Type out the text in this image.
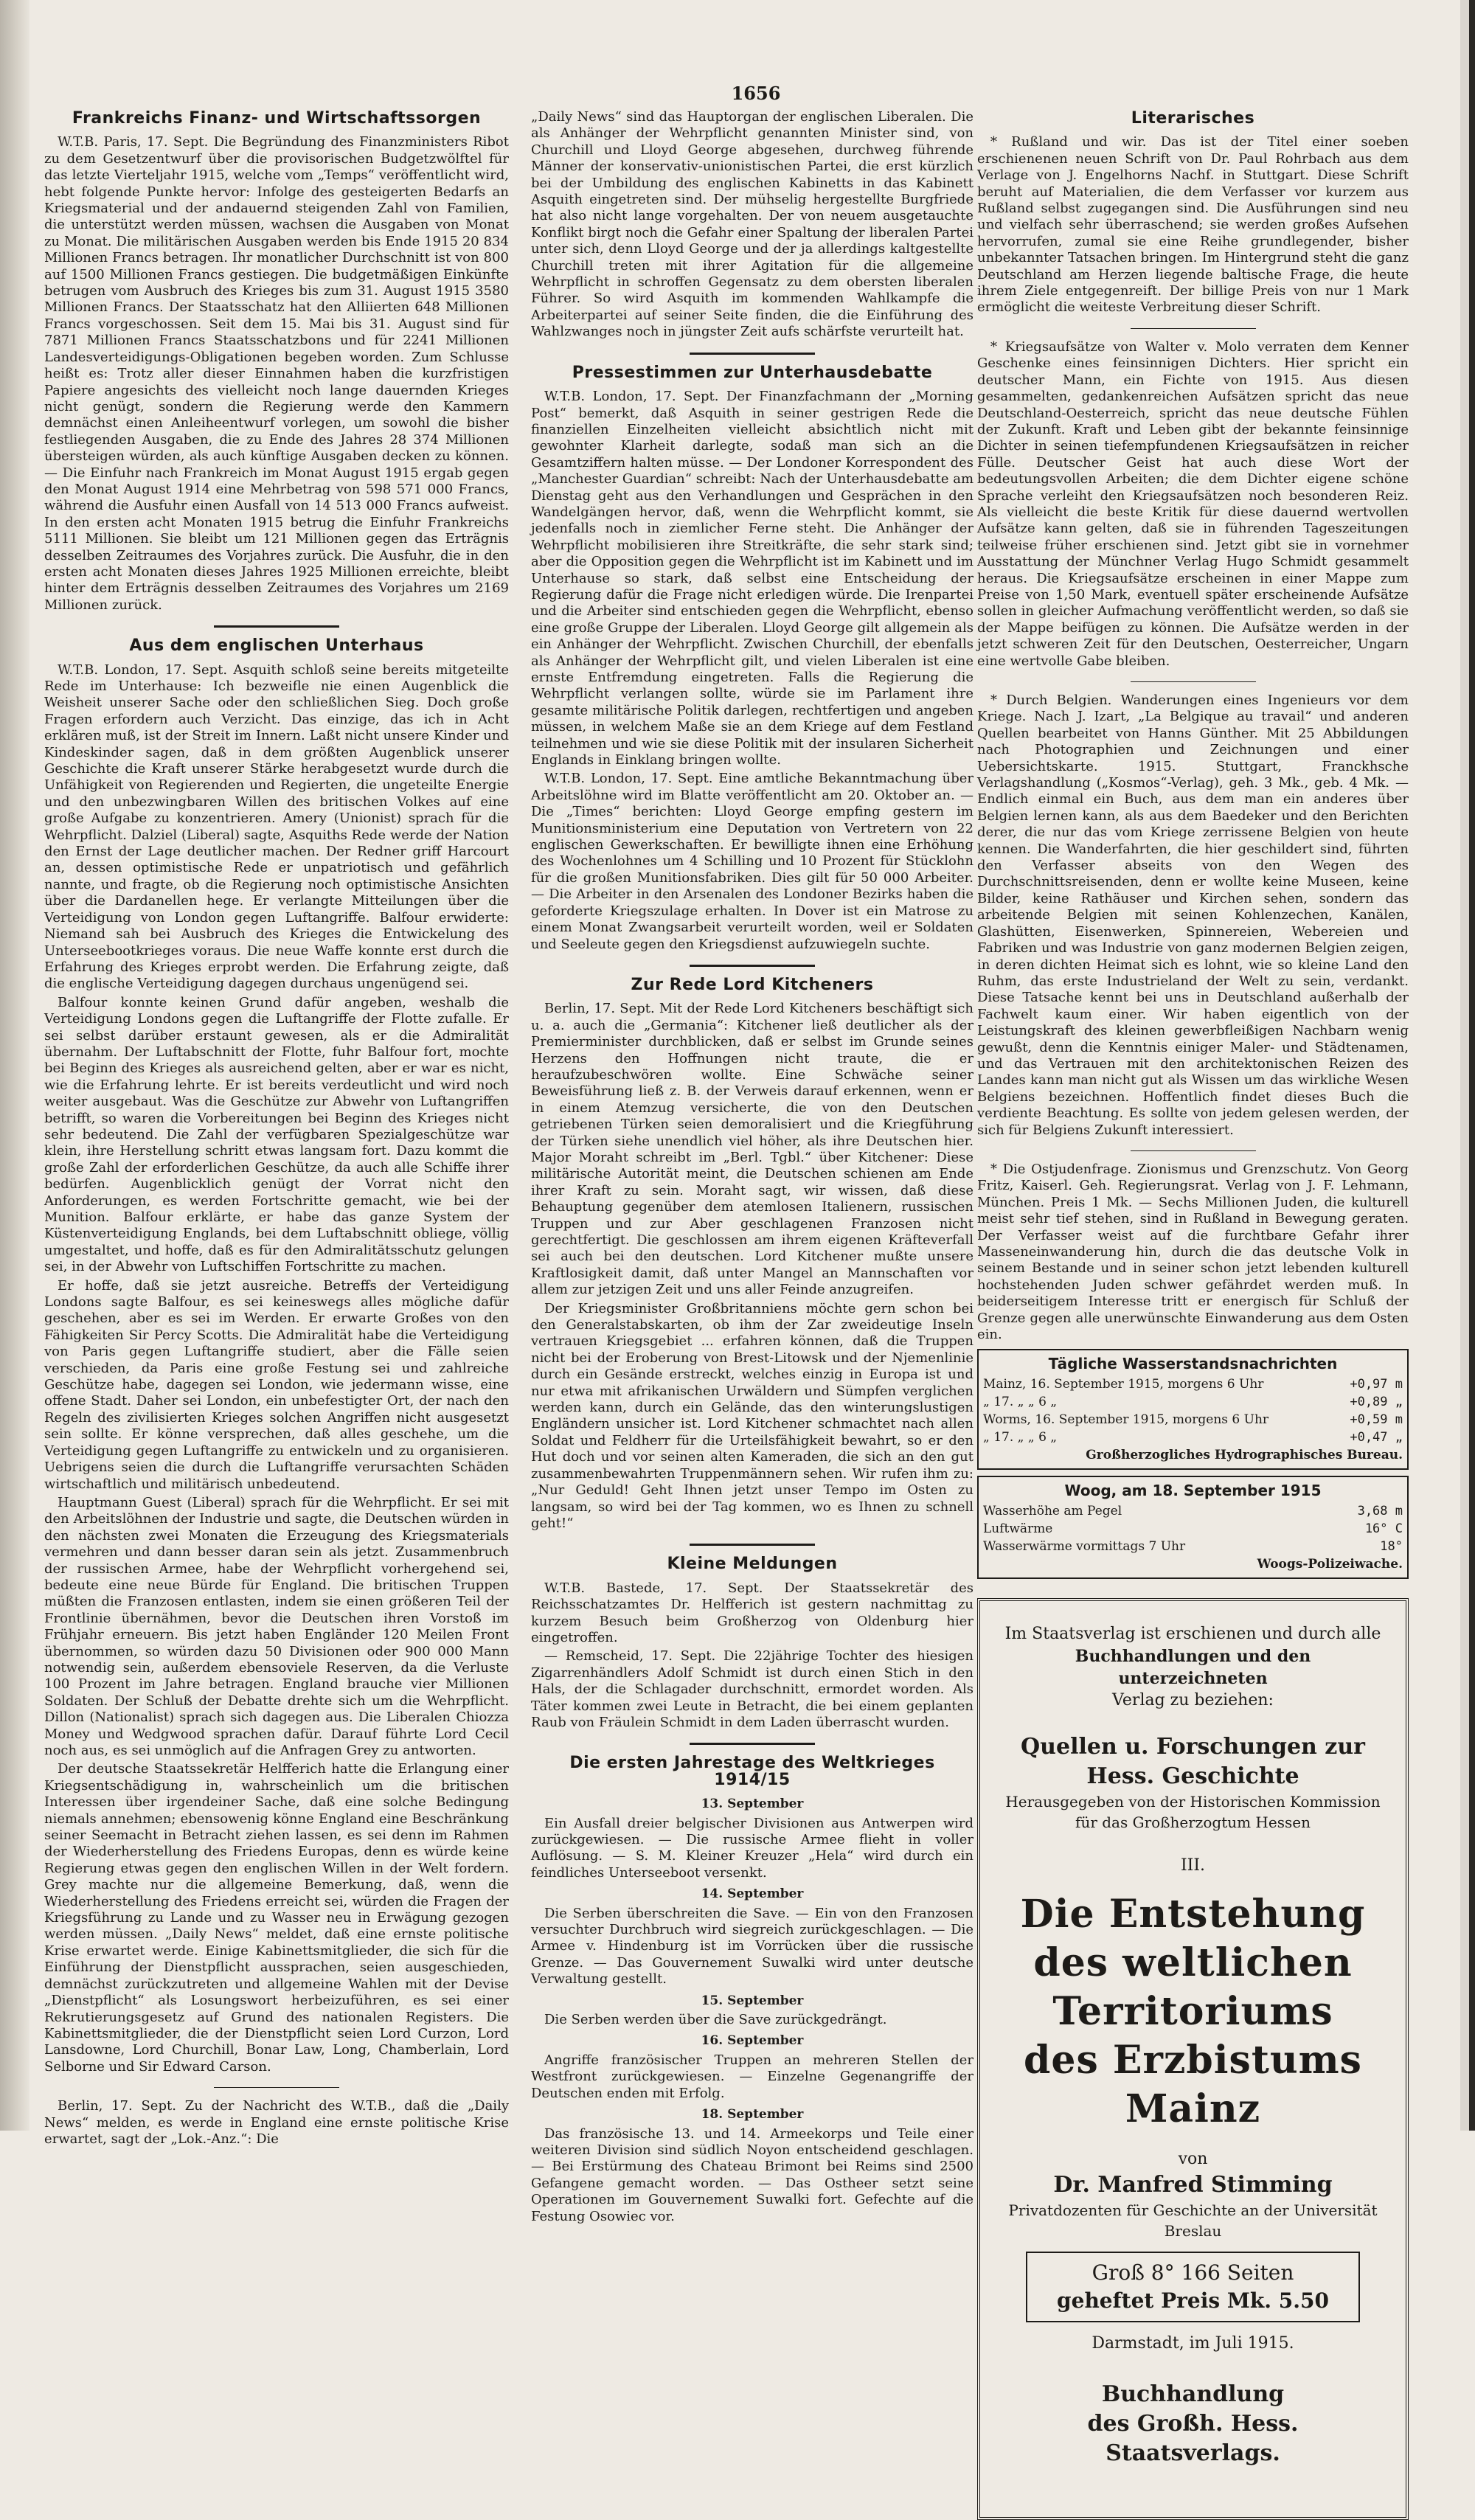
1656
Frankreichs Finanz- und Wirtschaftssorgen

W.T.B. Paris, 17. Sept. Die Begründung des Finanzministers Ribot zu dem Gesetzentwurf über die provisorischen Budgetzwölftel für das letzte Vierteljahr 1915, welche vom „Temps“ veröffentlicht wird, hebt folgende Punkte hervor: Infolge des gesteigerten Bedarfs an Kriegsmaterial und der andauernd steigenden Zahl von Familien, die unterstützt werden müssen, wachsen die Ausgaben von Monat zu Monat. Die militärischen Ausgaben werden bis Ende 1915 20 834 Millionen Francs betragen. Ihr monatlicher Durchschnitt ist von 800 auf 1500 Millionen Francs gestiegen. Die budgetmäßigen Einkünfte betrugen vom Ausbruch des Krieges bis zum 31. August 1915 3580 Millionen Francs. Der Staatsschatz hat den Alliierten 648 Millionen Francs vorgeschossen. Seit dem 15. Mai bis 31. August sind für 7871 Millionen Francs Staatsschatzbons und für 2241 Millionen Landesverteidigungs-Obligationen begeben worden. Zum Schlusse heißt es: Trotz aller dieser Einnahmen haben die kurzfristigen Papiere angesichts des vielleicht noch lange dauernden Krieges nicht genügt, sondern die Regierung werde den Kammern demnächst einen Anleiheentwurf vorlegen, um sowohl die bisher festliegenden Ausgaben, die zu Ende des Jahres 28 374 Millionen übersteigen würden, als auch künftige Ausgaben decken zu können. — Die Einfuhr nach Frankreich im Monat August 1915 ergab gegen den Monat August 1914 eine Mehrbetrag von 598 571 000 Francs, während die Ausfuhr einen Ausfall von 14 513 000 Francs aufweist. In den ersten acht Monaten 1915 betrug die Einfuhr Frankreichs 5111 Millionen. Sie bleibt um 121 Millionen gegen das Erträgnis desselben Zeitraumes des Vorjahres zurück. Die Ausfuhr, die in den ersten acht Monaten dieses Jahres 1925 Millionen erreichte, bleibt hinter dem Erträgnis desselben Zeitraumes des Vorjahres um 2169 Millionen zurück.

Aus dem englischen Unterhaus

W.T.B. London, 17. Sept. Asquith schloß seine bereits mitgeteilte Rede im Unterhause: Ich bezweifle nie einen Augenblick die Weisheit unserer Sache oder den schließlichen Sieg. Doch große Fragen erfordern auch Verzicht. Das einzige, das ich in Acht erklären muß, ist der Streit im Innern. Laßt nicht unsere Kinder und Kindeskinder sagen, daß in dem größten Augenblick unserer Geschichte die Kraft unserer Stärke herabgesetzt wurde durch die Unfähigkeit von Regierenden und Regierten, die ungeteilte Energie und den unbezwingbaren Willen des britischen Volkes auf eine große Aufgabe zu konzentrieren. Amery (Unionist) sprach für die Wehrpflicht. Dalziel (Liberal) sagte, Asquiths Rede werde der Nation den Ernst der Lage deutlicher machen. Der Redner griff Harcourt an, dessen optimistische Rede er unpatriotisch und gefährlich nannte, und fragte, ob die Regierung noch optimistische Ansichten über die Dardanellen hege. Er verlangte Mitteilungen über die Verteidigung von London gegen Luftangriffe. Balfour erwiderte: Niemand sah bei Ausbruch des Krieges die Entwickelung des Unterseebootkrieges voraus. Die neue Waffe konnte erst durch die Erfahrung des Krieges erprobt werden. Die Erfahrung zeigte, daß die englische Verteidigung dagegen durchaus ungenügend sei.

Balfour konnte keinen Grund dafür angeben, weshalb die Verteidigung Londons gegen die Luftangriffe der Flotte zufalle. Er sei selbst darüber erstaunt gewesen, als er die Admiralität übernahm. Der Luftabschnitt der Flotte, fuhr Balfour fort, mochte bei Beginn des Krieges als ausreichend gelten, aber er war es nicht, wie die Erfahrung lehrte. Er ist bereits verdeutlicht und wird noch weiter ausgebaut. Was die Geschütze zur Abwehr von Luftangriffen betrifft, so waren die Vorbereitungen bei Beginn des Krieges nicht sehr bedeutend. Die Zahl der verfügbaren Spezialgeschütze war klein, ihre Herstellung schritt etwas langsam fort. Dazu kommt die große Zahl der erforderlichen Geschütze, da auch alle Schiffe ihrer bedürfen. Augenblicklich genügt der Vorrat nicht den Anforderungen, es werden Fortschritte gemacht, wie bei der Munition. Balfour erklärte, er habe das ganze System der Küstenverteidigung Englands, bei dem Luftabschnitt obliege, völlig umgestaltet, und hoffe, daß es für den Admiralitätsschutz gelungen sei, in der Abwehr von Luftschiffen Fortschritte zu machen.

Er hoffe, daß sie jetzt ausreiche. Betreffs der Verteidigung Londons sagte Balfour, es sei keineswegs alles mögliche dafür geschehen, aber es sei im Werden. Er erwarte Großes von den Fähigkeiten Sir Percy Scotts. Die Admiralität habe die Verteidigung von Paris gegen Luftangriffe studiert, aber die Fälle seien verschieden, da Paris eine große Festung sei und zahlreiche Geschütze habe, dagegen sei London, wie jedermann wisse, eine offene Stadt. Daher sei London, ein unbefestigter Ort, der nach den Regeln des zivilisierten Krieges solchen Angriffen nicht ausgesetzt sein sollte. Er könne versprechen, daß alles geschehe, um die Verteidigung gegen Luftangriffe zu entwickeln und zu organisieren. Uebrigens seien die durch die Luftangriffe verursachten Schäden wirtschaftlich und militärisch unbedeutend.

Hauptmann Guest (Liberal) sprach für die Wehrpflicht. Er sei mit den Arbeitslöhnen der Industrie und sagte, die Deutschen würden in den nächsten zwei Monaten die Erzeugung des Kriegsmaterials vermehren und dann besser daran sein als jetzt. Zusammenbruch der russischen Armee, habe der Wehrpflicht vorhergehend sei, bedeute eine neue Bürde für England. Die britischen Truppen müßten die Franzosen entlasten, indem sie einen größeren Teil der Frontlinie übernähmen, bevor die Deutschen ihren Vorstoß im Frühjahr erneuern. Bis jetzt haben Engländer 120 Meilen Front übernommen, so würden dazu 50 Divisionen oder 900 000 Mann notwendig sein, außerdem ebensoviele Reserven, da die Verluste 100 Prozent im Jahre betragen. England brauche vier Millionen Soldaten. Der Schluß der Debatte drehte sich um die Wehrpflicht. Dillon (Nationalist) sprach sich dagegen aus. Die Liberalen Chiozza Money und Wedgwood sprachen dafür. Darauf führte Lord Cecil noch aus, es sei unmöglich auf die Anfragen Grey zu antworten.

Der deutsche Staatssekretär Helfferich hatte die Erlangung einer Kriegsentschädigung in, wahrscheinlich um die britischen Interessen über irgendeiner Sache, daß eine solche Bedingung niemals annehmen; ebensowenig könne England eine Beschränkung seiner Seemacht in Betracht ziehen lassen, es sei denn im Rahmen der Wiederherstellung des Friedens Europas, denn es würde keine Regierung etwas gegen den englischen Willen in der Welt fordern. Grey machte nur die allgemeine Bemerkung, daß, wenn die Wiederherstellung des Friedens erreicht sei, würden die Fragen der Kriegsführung zu Lande und zu Wasser neu in Erwägung gezogen werden müssen. „Daily News“ meldet, daß eine ernste politische Krise erwartet werde. Einige Kabinettsmitglieder, die sich für die Einführung der Dienstpflicht aussprachen, seien ausgeschieden, demnächst zurückzutreten und allgemeine Wahlen mit der Devise „Dienstpflicht“ als Losungswort herbeizuführen, es sei einer Rekrutierungsgesetz auf Grund des nationalen Registers. Die Kabinettsmitglieder, die der Dienstpflicht seien Lord Curzon, Lord Lansdowne, Lord Churchill, Bonar Law, Long, Chamberlain, Lord Selborne und Sir Edward Carson.

Berlin, 17. Sept. Zu der Nachricht des W.T.B., daß die „Daily News“ melden, es werde in England eine ernste politische Krise erwartet, sagt der „Lok.-Anz.“: Die

„Daily News“ sind das Hauptorgan der englischen Liberalen. Die als Anhänger der Wehrpflicht genannten Minister sind, von Churchill und Lloyd George abgesehen, durchweg führende Männer der konservativ-unionistischen Partei, die erst kürzlich bei der Umbildung des englischen Kabinetts in das Kabinett Asquith eingetreten sind. Der mühselig hergestellte Burgfriede hat also nicht lange vorgehalten. Der von neuem ausgetauchte Konflikt birgt noch die Gefahr einer Spaltung der liberalen Partei unter sich, denn Lloyd George und der ja allerdings kaltgestellte Churchill treten mit ihrer Agitation für die allgemeine Wehrpflicht in schroffen Gegensatz zu dem obersten liberalen Führer. So wird Asquith im kommenden Wahlkampfe die Arbeiterpartei auf seiner Seite finden, die die Einführung des Wahlzwanges noch in jüngster Zeit aufs schärfste verurteilt hat.

Pressestimmen zur Unterhausdebatte

W.T.B. London, 17. Sept. Der Finanzfachmann der „Morning Post“ bemerkt, daß Asquith in seiner gestrigen Rede die finanziellen Einzelheiten vielleicht absichtlich nicht mit gewohnter Klarheit darlegte, sodaß man sich an die Gesamtziffern halten müsse. — Der Londoner Korrespondent des „Manchester Guardian“ schreibt: Nach der Unterhausdebatte am Dienstag geht aus den Verhandlungen und Gesprächen in den Wandelgängen hervor, daß, wenn die Wehrpflicht kommt, sie jedenfalls noch in ziemlicher Ferne steht. Die Anhänger der Wehrpflicht mobilisieren ihre Streitkräfte, die sehr stark sind; aber die Opposition gegen die Wehrpflicht ist im Kabinett und im Unterhause so stark, daß selbst eine Entscheidung der Regierung dafür die Frage nicht erledigen würde. Die Irenpartei und die Arbeiter sind entschieden gegen die Wehrpflicht, ebenso eine große Gruppe der Liberalen. Lloyd George gilt allgemein als ein Anhänger der Wehrpflicht. Zwischen Churchill, der ebenfalls als Anhänger der Wehrpflicht gilt, und vielen Liberalen ist eine ernste Entfremdung eingetreten. Falls die Regierung die Wehrpflicht verlangen sollte, würde sie im Parlament ihre gesamte militärische Politik darlegen, rechtfertigen und angeben müssen, in welchem Maße sie an dem Kriege auf dem Festland teilnehmen und wie sie diese Politik mit der insularen Sicherheit Englands in Einklang bringen wollte.

W.T.B. London, 17. Sept. Eine amtliche Bekanntmachung über Arbeitslöhne wird im Blatte veröffentlicht am 20. Oktober an. — Die „Times“ berichten: Lloyd George empfing gestern im Munitionsministerium eine Deputation von Vertretern von 22 englischen Gewerkschaften. Er bewilligte ihnen eine Erhöhung des Wochenlohnes um 4 Schilling und 10 Prozent für Stücklohn für die großen Munitionsfabriken. Dies gilt für 50 000 Arbeiter. — Die Arbeiter in den Arsenalen des Londoner Bezirks haben die geforderte Kriegszulage erhalten. In Dover ist ein Matrose zu einem Monat Zwangsarbeit verurteilt worden, weil er Soldaten und Seeleute gegen den Kriegsdienst aufzuwiegeln suchte.

Zur Rede Lord Kitcheners

Berlin, 17. Sept. Mit der Rede Lord Kitcheners beschäftigt sich u. a. auch die „Germania“: Kitchener ließ deutlicher als der Premierminister durchblicken, daß er selbst im Grunde seines Herzens den Hoffnungen nicht traute, die er heraufzubeschwören wollte. Eine Schwäche seiner Beweisführung ließ z. B. der Verweis darauf erkennen, wenn er in einem Atemzug versicherte, die von den Deutschen getriebenen Türken seien demoralisiert und die Kriegführung der Türken siehe unendlich viel höher, als ihre Deutschen hier. Major Moraht schreibt im „Berl. Tgbl.“ über Kitchener: Diese militärische Autorität meint, die Deutschen schienen am Ende ihrer Kraft zu sein. Moraht sagt, wir wissen, daß diese Behauptung gegenüber dem atemlosen Italienern, russischen Truppen und zur Aber geschlagenen Franzosen nicht gerechtfertigt. Die geschlossen am ihrem eigenen Kräfteverfall sei auch bei den deutschen. Lord Kitchener mußte unsere Kraftlosigkeit damit, daß unter Mangel an Mannschaften vor allem zur jetzigen Zeit und uns aller Feinde anzugreifen.

Der Kriegsminister Großbritanniens möchte gern schon bei den Generalstabskarten, ob ihm der Zar zweideutige Inseln vertrauen Kriegsgebiet ... erfahren können, daß die Truppen nicht bei der Eroberung von Brest-Litowsk und der Njemenlinie durch ein Gesände erstreckt, welches einzig in Europa ist und nur etwa mit afrikanischen Urwäldern und Sümpfen verglichen werden kann, durch ein Gelände, das den winterungslustigen Engländern unsicher ist. Lord Kitchener schmachtet nach allen Soldat und Feldherr für die Urteilsfähigkeit bewahrt, so er den Hut doch und vor seinen alten Kameraden, die sich an den gut zusammenbewahrten Truppenmännern sehen. Wir rufen ihm zu: „Nur Geduld! Geht Ihnen jetzt unser Tempo im Osten zu langsam, so wird bei der Tag kommen, wo es Ihnen zu schnell geht!“

Kleine Meldungen

W.T.B. Bastede, 17. Sept. Der Staatssekretär des Reichsschatzamtes Dr. Helfferich ist gestern nachmittag zu kurzem Besuch beim Großherzog von Oldenburg hier eingetroffen.

— Remscheid, 17. Sept. Die 22jährige Tochter des hiesigen Zigarrenhändlers Adolf Schmidt ist durch einen Stich in den Hals, der die Schlagader durchschnitt, ermordet worden. Als Täter kommen zwei Leute in Betracht, die bei einem geplanten Raub von Fräulein Schmidt in dem Laden überrascht wurden.

Die ersten Jahrestage des Weltkrieges 1914/15
13. September

Ein Ausfall dreier belgischer Divisionen aus Antwerpen wird zurückgewiesen. — Die russische Armee flieht in voller Auflösung. — S. M. Kleiner Kreuzer „Hela“ wird durch ein feindliches Unterseeboot versenkt.

14. September

Die Serben überschreiten die Save. — Ein von den Franzosen versuchter Durchbruch wird siegreich zurückgeschlagen. — Die Armee v. Hindenburg ist im Vorrücken über die russische Grenze. — Das Gouvernement Suwalki wird unter deutsche Verwaltung gestellt.

15. September

Die Serben werden über die Save zurückgedrängt.

16. September

Angriffe französischer Truppen an mehreren Stellen der Westfront zurückgewiesen. — Einzelne Gegenangriffe der Deutschen enden mit Erfolg.

18. September

Das französische 13. und 14. Armeekorps und Teile einer weiteren Division sind südlich Noyon entscheidend geschlagen. — Bei Erstürmung des Chateau Brimont bei Reims sind 2500 Gefangene gemacht worden. — Das Ostheer setzt seine Operationen im Gouvernement Suwalki fort. Gefechte auf die Festung Osowiec vor.

Literarisches

* Rußland und wir. Das ist der Titel einer soeben erschienenen neuen Schrift von Dr. Paul Rohrbach aus dem Verlage von J. Engelhorns Nachf. in Stuttgart. Diese Schrift beruht auf Materialien, die dem Verfasser vor kurzem aus Rußland selbst zugegangen sind. Die Ausführungen sind neu und vielfach sehr überraschend; sie werden großes Aufsehen hervorrufen, zumal sie eine Reihe grundlegender, bisher unbekannter Tatsachen bringen. Im Hintergrund steht die ganz Deutschland am Herzen liegende baltische Frage, die heute ihrem Ziele entgegenreift. Der billige Preis von nur 1 Mark ermöglicht die weiteste Verbreitung dieser Schrift.

* Kriegsaufsätze von Walter v. Molo verraten dem Kenner Geschenke eines feinsinnigen Dichters. Hier spricht ein deutscher Mann, ein Fichte von 1915. Aus diesen gesammelten, gedankenreichen Aufsätzen spricht das neue Deutschland-Oesterreich, spricht das neue deutsche Fühlen der Zukunft. Kraft und Leben gibt der bekannte feinsinnige Dichter in seinen tiefempfundenen Kriegsaufsätzen in reicher Fülle. Deutscher Geist hat auch diese Wort der bedeutungsvollen Arbeiten; die dem Dichter eigene schöne Sprache verleiht den Kriegsaufsätzen noch besonderen Reiz. Als vielleicht die beste Kritik für diese dauernd wertvollen Aufsätze kann gelten, daß sie in führenden Tageszeitungen teilweise früher erschienen sind. Jetzt gibt sie in vornehmer Ausstattung der Münchner Verlag Hugo Schmidt gesammelt heraus. Die Kriegsaufsätze erscheinen in einer Mappe zum Preise von 1,50 Mark, eventuell später erscheinende Aufsätze sollen in gleicher Aufmachung veröffentlicht werden, so daß sie der Mappe beifügen zu können. Die Aufsätze werden in der jetzt schweren Zeit für den Deutschen, Oesterreicher, Ungarn eine wertvolle Gabe bleiben.

* Durch Belgien. Wanderungen eines Ingenieurs vor dem Kriege. Nach J. Izart, „La Belgique au travail“ und anderen Quellen bearbeitet von Hanns Günther. Mit 25 Abbildungen nach Photographien und Zeichnungen und einer Uebersichtskarte. 1915. Stuttgart, Franckhsche Verlagshandlung („Kosmos“-Verlag), geh. 3 Mk., geb. 4 Mk. — Endlich einmal ein Buch, aus dem man ein anderes über Belgien lernen kann, als aus dem Baedeker und den Berichten derer, die nur das vom Kriege zerrissene Belgien von heute kennen. Die Wanderfahrten, die hier geschildert sind, führten den Verfasser abseits von den Wegen des Durchschnittsreisenden, denn er wollte keine Museen, keine Bilder, keine Rathäuser und Kirchen sehen, sondern das arbeitende Belgien mit seinen Kohlenzechen, Kanälen, Glashütten, Eisenwerken, Spinnereien, Webereien und Fabriken und was Industrie von ganz modernen Belgien zeigen, in deren dichten Heimat sich es lohnt, wie so kleine Land den Ruhm, das erste Industrieland der Welt zu sein, verdankt. Diese Tatsache kennt bei uns in Deutschland außerhalb der Fachwelt kaum einer. Wir haben eigentlich von der Leistungskraft des kleinen gewerbfleißigen Nachbarn wenig gewußt, denn die Kenntnis einiger Maler- und Städtenamen, und das Vertrauen mit den architektonischen Reizen des Landes kann man nicht gut als Wissen um das wirkliche Wesen Belgiens bezeichnen. Hoffentlich findet dieses Buch die verdiente Beachtung. Es sollte von jedem gelesen werden, der sich für Belgiens Zukunft interessiert.

* Die Ostjudenfrage. Zionismus und Grenzschutz. Von Georg Fritz, Kaiserl. Geh. Regierungsrat. Verlag von J. F. Lehmann, München. Preis 1 Mk. — Sechs Millionen Juden, die kulturell meist sehr tief stehen, sind in Rußland in Bewegung geraten. Der Verfasser weist auf die furchtbare Gefahr ihrer Masseneinwanderung hin, durch die das deutsche Volk in seinem Bestande und in seiner schon jetzt lebenden kulturell hochstehenden Juden schwer gefährdet werden muß. In beiderseitigem Interesse tritt er energisch für Schluß der Grenze gegen alle unerwünschte Einwanderung aus dem Osten ein.

Tägliche Wasserstandsnachrichten
Mainz, 16. September 1915, morgens 6 Uhr	+0,97 m
„ 17. „ „ 6 „	+0,89 „
Worms, 16. September 1915, morgens 6 Uhr	+0,59 m
„ 17. „ „ 6 „	+0,47 „
Großherzogliches Hydrographisches Bureau.
Woog, am 18. September 1915
Wasserhöhe am Pegel	3,68 m
Luftwärme	16° C
Wasserwärme vormittags 7 Uhr	18°
Woogs-Polizeiwache.
Im Staatsverlag ist erschienen und durch alle
Buchhandlungen und den unterzeichneten
Verlag zu beziehen:
Quellen u. Forschungen zur Hess. Geschichte
Herausgegeben von der Historischen Kommission
für das Großherzogtum Hessen
III.
Die Entstehung
des weltlichen Territoriums
des Erzbistums Mainz
von
Dr. Manfred Stimming
Privatdozenten für Geschichte an der Universität Breslau
Groß 8° 166 Seiten
geheftet Preis Mk. 5.50
Darmstadt, im Juli 1915.
Buchhandlung
des Großh. Hess. Staatsverlags.
